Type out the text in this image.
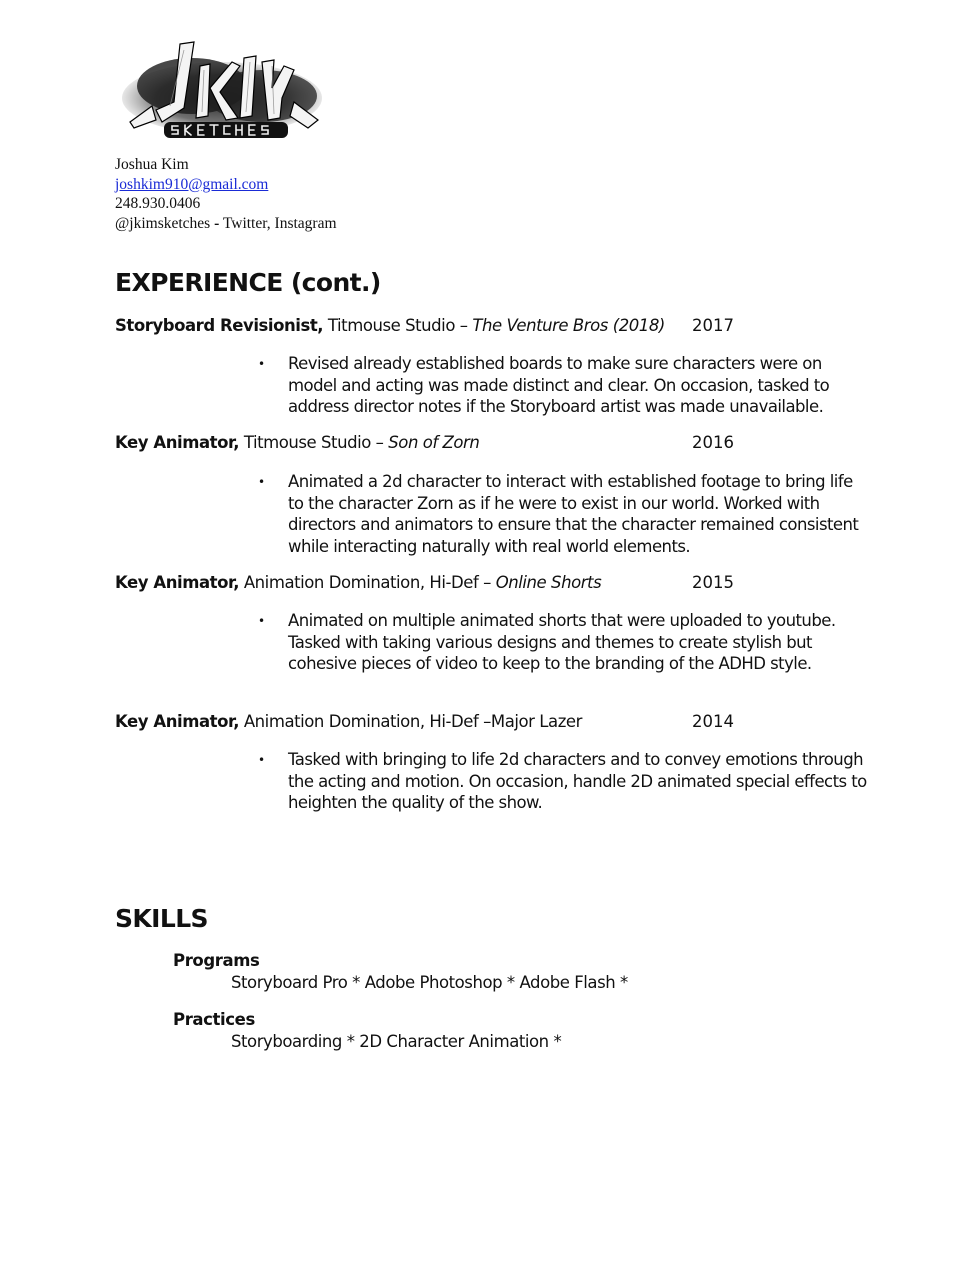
Joshua Kim
joshkim910@gmail.com
248.930.0406
@jkimsketches - Twitter, Instagram
EXPERIENCE (cont.)
Storyboard Revisionist, Titmouse Studio – The Venture Bros (2018) 2017
• Revised already established boards to make sure characters were on model and acting was made distinct and clear. On occasion, tasked to address director notes if the Storyboard artist was made unavailable.
Key Animator, Titmouse Studio – Son of Zorn	2016
• Animated a 2d character to interact with established footage to bring life to the character Zorn as if he were to exist in our world. Worked with directors and animators to ensure that the character remained consistent while interacting naturally with real world elements.
Key Animator, Animation Domination, Hi-Def – Online Shorts	2015
• Animated on multiple animated shorts that were uploaded to youtube. Tasked with taking various designs and themes to create stylish but cohesive pieces of video to keep to the branding of the ADHD style.
Key Animator, Animation Domination, Hi-Def –Major Lazer	2014
• Tasked with bringing to life 2d characters and to convey emotions through the acting and motion. On occasion, handle 2D animated special effects to heighten the quality of the show.
SKILLS
Programs
Storyboard Pro * Adobe Photoshop * Adobe Flash *
Practices
Storyboarding * 2D Character Animation *
